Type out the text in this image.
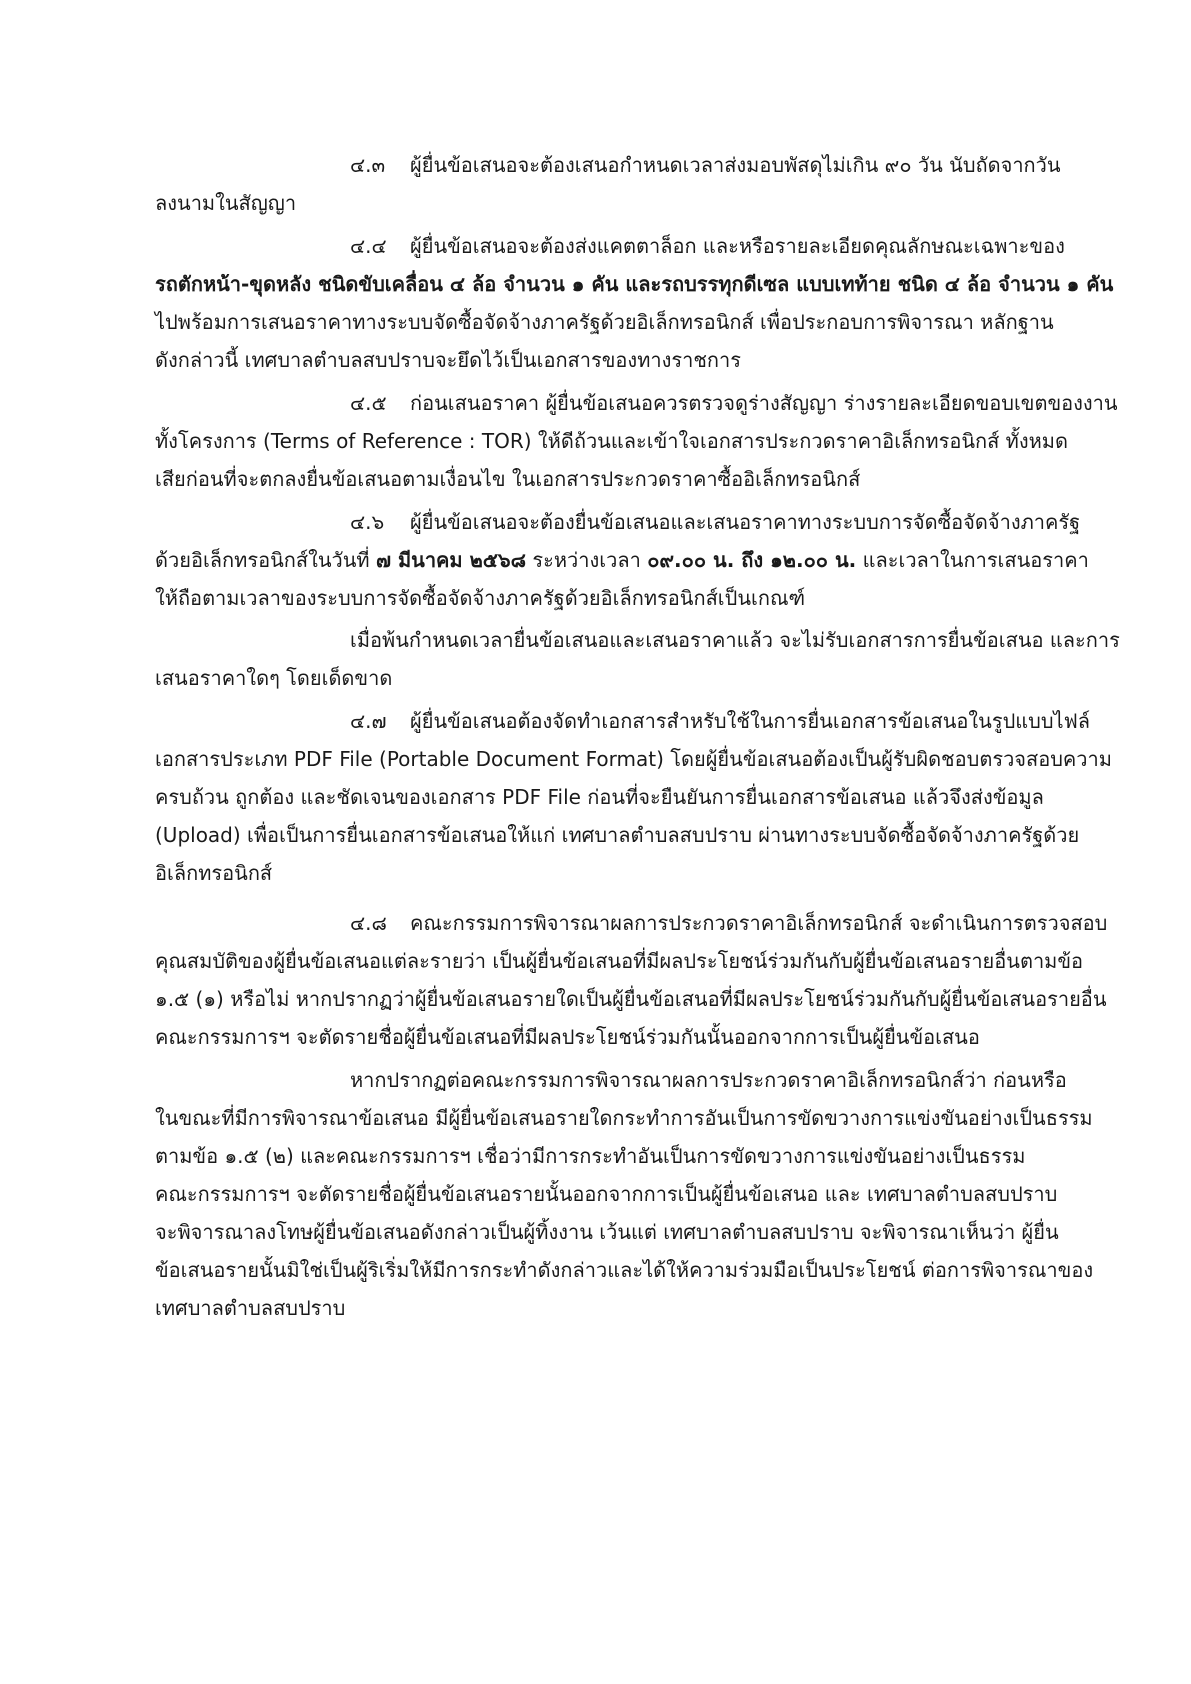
๔.๓ ผู้ยื่นข้อเสนอจะต้องเสนอกำหนดเวลาส่งมอบพัสดุไม่เกิน ๙๐ วัน นับถัดจากวัน
ลงนามในสัญญา
๔.๔ ผู้ยื่นข้อเสนอจะต้องส่งแคตตาล็อก และหรือรายละเอียดคุณลักษณะเฉพาะของ
รถตักหน้า-ขุดหลัง ชนิดขับเคลื่อน ๔ ล้อ จำนวน ๑ คัน และรถบรรทุกดีเซล แบบเทท้าย ชนิด ๔ ล้อ จำนวน ๑ คัน
ไปพร้อมการเสนอราคาทางระบบจัดซื้อจัดจ้างภาครัฐด้วยอิเล็กทรอนิกส์ เพื่อประกอบการพิจารณา หลักฐาน
ดังกล่าวนี้ เทศบาลตำบลสบปราบจะยึดไว้เป็นเอกสารของทางราชการ
๔.๕ ก่อนเสนอราคา ผู้ยื่นข้อเสนอควรตรวจดูร่างสัญญา ร่างรายละเอียดขอบเขตของงาน
ทั้งโครงการ (Terms of Reference : TOR) ให้ดีถ้วนและเข้าใจเอกสารประกวดราคาอิเล็กทรอนิกส์ ทั้งหมด
เสียก่อนที่จะตกลงยื่นข้อเสนอตามเงื่อนไข ในเอกสารประกวดราคาซื้ออิเล็กทรอนิกส์
๔.๖ ผู้ยื่นข้อเสนอจะต้องยื่นข้อเสนอและเสนอราคาทางระบบการจัดซื้อจัดจ้างภาครัฐ
ด้วยอิเล็กทรอนิกส์ในวันที่ ๗ มีนาคม ๒๕๖๘ ระหว่างเวลา ๐๙.๐๐ น. ถึง ๑๒.๐๐ น. และเวลาในการเสนอราคา
ให้ถือตามเวลาของระบบการจัดซื้อจัดจ้างภาครัฐด้วยอิเล็กทรอนิกส์เป็นเกณฑ์
เมื่อพ้นกำหนดเวลายื่นข้อเสนอและเสนอราคาแล้ว จะไม่รับเอกสารการยื่นข้อเสนอ และการ
เสนอราคาใดๆ โดยเด็ดขาด
๔.๗ ผู้ยื่นข้อเสนอต้องจัดทำเอกสารสำหรับใช้ในการยื่นเอกสารข้อเสนอในรูปแบบไฟล์
เอกสารประเภท PDF File (Portable Document Format) โดยผู้ยื่นข้อเสนอต้องเป็นผู้รับผิดชอบตรวจสอบความ
ครบถ้วน ถูกต้อง และชัดเจนของเอกสาร PDF File ก่อนที่จะยืนยันการยื่นเอกสารข้อเสนอ แล้วจึงส่งข้อมูล
(Upload) เพื่อเป็นการยื่นเอกสารข้อเสนอให้แก่ เทศบาลตำบลสบปราบ ผ่านทางระบบจัดซื้อจัดจ้างภาครัฐด้วย
อิเล็กทรอนิกส์
๔.๘ คณะกรรมการพิจารณาผลการประกวดราคาอิเล็กทรอนิกส์ จะดำเนินการตรวจสอบ
คุณสมบัติของผู้ยื่นข้อเสนอแต่ละรายว่า เป็นผู้ยื่นข้อเสนอที่มีผลประโยชน์ร่วมกันกับผู้ยื่นข้อเสนอรายอื่นตามข้อ
๑.๕ (๑) หรือไม่ หากปรากฏว่าผู้ยื่นข้อเสนอรายใดเป็นผู้ยื่นข้อเสนอที่มีผลประโยชน์ร่วมกันกับผู้ยื่นข้อเสนอรายอื่น
คณะกรรมการฯ จะตัดรายชื่อผู้ยื่นข้อเสนอที่มีผลประโยชน์ร่วมกันนั้นออกจากการเป็นผู้ยื่นข้อเสนอ
หากปรากฏต่อคณะกรรมการพิจารณาผลการประกวดราคาอิเล็กทรอนิกส์ว่า ก่อนหรือ
ในขณะที่มีการพิจารณาข้อเสนอ มีผู้ยื่นข้อเสนอรายใดกระทำการอันเป็นการขัดขวางการแข่งขันอย่างเป็นธรรม
ตามข้อ ๑.๕ (๒) และคณะกรรมการฯ เชื่อว่ามีการกระทำอันเป็นการขัดขวางการแข่งขันอย่างเป็นธรรม
คณะกรรมการฯ จะตัดรายชื่อผู้ยื่นข้อเสนอรายนั้นออกจากการเป็นผู้ยื่นข้อเสนอ และ เทศบาลตำบลสบปราบ
จะพิจารณาลงโทษผู้ยื่นข้อเสนอดังกล่าวเป็นผู้ทิ้งงาน เว้นแต่ เทศบาลตำบลสบปราบ จะพิจารณาเห็นว่า ผู้ยื่น
ข้อเสนอรายนั้นมิใช่เป็นผู้ริเริ่มให้มีการกระทำดังกล่าวและได้ให้ความร่วมมือเป็นประโยชน์ ต่อการพิจารณาของ
เทศบาลตำบลสบปราบ
